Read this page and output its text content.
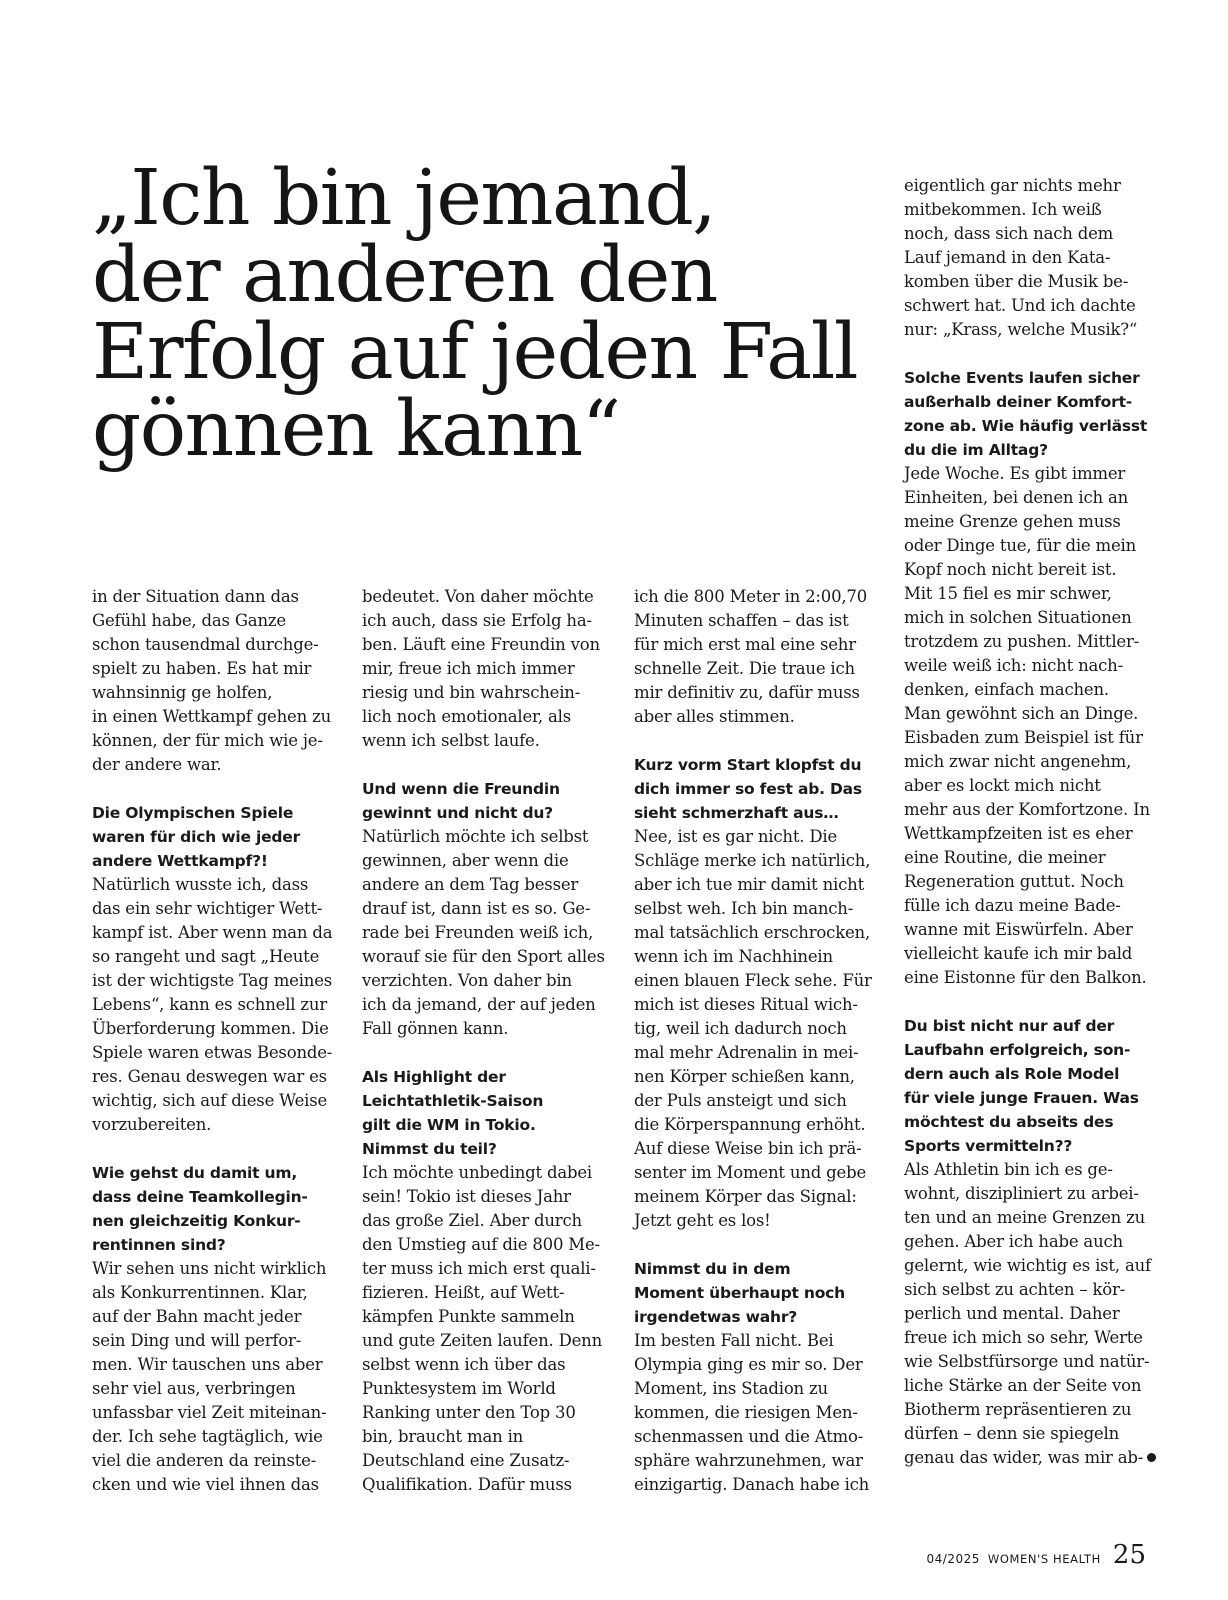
„Ich bin jemand,
der anderen den
Erfolg auf jeden Fall
gönnen kann“
in der Situation dann das
Gefühl habe, das Ganze
schon tausendmal durchge-
spielt zu haben. Es hat mir
wahnsinnig ge holfen,
in einen Wettkampf gehen zu
können, der für mich wie je-
der andere war.
Die Olympischen Spiele
waren für dich wie jeder
andere Wettkampf?!
Natürlich wusste ich, dass
das ein sehr wichtiger Wett-
kampf ist. Aber wenn man da
so rangeht und sagt „Heute
ist der wichtigste Tag meines
Lebens“, kann es schnell zur
Überforderung kommen. Die
Spiele waren etwas Besonde-
res. Genau deswegen war es
wichtig, sich auf diese Weise
vorzubereiten.
Wie gehst du damit um,
dass deine Teamkollegin-
nen gleichzeitig Konkur-
rentinnen sind?
Wir sehen uns nicht wirklich
als Konkurrentinnen. Klar,
auf der Bahn macht jeder
sein Ding und will perfor-
men. Wir tauschen uns aber
sehr viel aus, verbringen
unfassbar viel Zeit miteinan-
der. Ich sehe tagtäglich, wie
viel die anderen da reinste-
cken und wie viel ihnen das
bedeutet. Von daher möchte
ich auch, dass sie Erfolg ha-
ben. Läuft eine Freundin von
mir, freue ich mich immer
riesig und bin wahrschein-
lich noch emotionaler, als
wenn ich selbst laufe.
Und wenn die Freundin
gewinnt und nicht du?
Natürlich möchte ich selbst
gewinnen, aber wenn die
andere an dem Tag besser
drauf ist, dann ist es so. Ge-
rade bei Freunden weiß ich,
worauf sie für den Sport alles
verzichten. Von daher bin
ich da jemand, der auf jeden
Fall gönnen kann.
Als Highlight der
Leichtathletik-Saison
gilt die WM in Tokio.
Nimmst du teil?
Ich möchte unbedingt dabei
sein! Tokio ist dieses Jahr
das große Ziel. Aber durch
den Umstieg auf die 800 Me-
ter muss ich mich erst quali-
fizieren. Heißt, auf Wett-
kämpfen Punkte sammeln
und gute Zeiten laufen. Denn
selbst wenn ich über das
Punktesystem im World
Ranking unter den Top 30
bin, braucht man in
Deutschland eine Zusatz-
Qualifikation. Dafür muss
ich die 800 Meter in 2:00,70
Minuten schaffen – das ist
für mich erst mal eine sehr
schnelle Zeit. Die traue ich
mir definitiv zu, dafür muss
aber alles stimmen.
Kurz vorm Start klopfst du
dich immer so fest ab. Das
sieht schmerzhaft aus…
Nee, ist es gar nicht. Die
Schläge merke ich natürlich,
aber ich tue mir damit nicht
selbst weh. Ich bin manch-
mal tatsächlich erschrocken,
wenn ich im Nachhinein
einen blauen Fleck sehe. Für
mich ist dieses Ritual wich-
tig, weil ich dadurch noch
mal mehr Adrenalin in mei-
nen Körper schießen kann,
der Puls ansteigt und sich
die Körperspannung erhöht.
Auf diese Weise bin ich prä-
senter im Moment und gebe
meinem Körper das Signal:
Jetzt geht es los!
Nimmst du in dem
Moment überhaupt noch
irgendetwas wahr?
Im besten Fall nicht. Bei
Olympia ging es mir so. Der
Moment, ins Stadion zu
kommen, die riesigen Men-
schenmassen und die Atmo-
sphäre wahrzunehmen, war
einzigartig. Danach habe ich
eigentlich gar nichts mehr
mitbekommen. Ich weiß
noch, dass sich nach dem
Lauf jemand in den Kata-
komben über die Musik be-
schwert hat. Und ich dachte
nur: „Krass, welche Musik?“
Solche Events laufen sicher
außerhalb deiner Komfort-
zone ab. Wie häufig verlässt
du die im Alltag?
Jede Woche. Es gibt immer
Einheiten, bei denen ich an
meine Grenze gehen muss
oder Dinge tue, für die mein
Kopf noch nicht bereit ist.
Mit 15 fiel es mir schwer,
mich in solchen Situationen
trotzdem zu pushen. Mittler-
weile weiß ich: nicht nach-
denken, einfach machen.
Man gewöhnt sich an Dinge.
Eisbaden zum Beispiel ist für
mich zwar nicht angenehm,
aber es lockt mich nicht
mehr aus der Komfortzone. In
Wettkampfzeiten ist es eher
eine Routine, die meiner
Regeneration guttut. Noch
fülle ich dazu meine Bade-
wanne mit Eiswürfeln. Aber
vielleicht kaufe ich mir bald
eine Eistonne für den Balkon.
Du bist nicht nur auf der
Laufbahn erfolgreich, son-
dern auch als Role Model
für viele junge Frauen. Was
möchtest du abseits des
Sports vermitteln??
Als Athletin bin ich es ge-
wohnt, diszipliniert zu arbei-
ten und an meine Grenzen zu
gehen. Aber ich habe auch
gelernt, wie wichtig es ist, auf
sich selbst zu achten – kör-
perlich und mental. Daher
freue ich mich so sehr, Werte
wie Selbstfürsorge und natür-
liche Stärke an der Seite von
Biotherm repräsentieren zu
dürfen – denn sie spiegeln
genau das wider, was mir ab-
04/2025 WOMEN'S HEALTH 25
